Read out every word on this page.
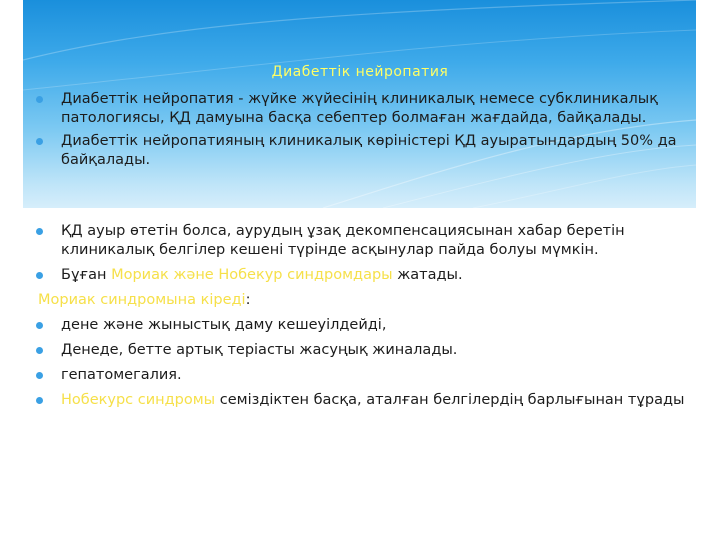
Диабеттік нейропатия
Диабеттік нейропатия - жүйке жүйесінің клиникалық немесе субклиникалық патологиясы, ҚД дамуына басқа себептер болмаған жағдайда, байқалады.
Диабеттік нейропатияның клиникалық көріністері ҚД ауыратындардың 50% да байқалады.
ҚД ауыр өтетін болса, аурудың ұзақ декомпенсациясынан хабар беретін клиникалық белгілер кешені түрінде асқынулар пайда болуы мүмкін.
Бұған Мориак және Нобекур синдромдары жатады.
Мориак синдромына кіреді:
дене және жыныстық даму кешеуілдейді,
Денеде, бетте артық теріасты жасуңық жиналады.
гепатомегалия.
Нобекурс синдромы семіздіктен басқа, аталған белгілердің барлығынан тұрады
